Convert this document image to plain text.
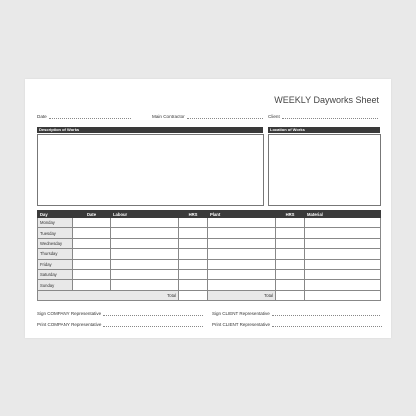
WEEKLY Dayworks Sheet
Date	Main Contractor	Client
Description of Works	Location of Works
Day	Date	Labour	HRS	Plant	HRS	Material
Monday						
Tuesday						
Wednesday						
Thursday						
Friday						
Saturday						
Sunday						
Total				Total		
Sign COMPANY Representative
Print COMPANY Representative
Sign CLIENT Representative
Print CLIENT Representative
